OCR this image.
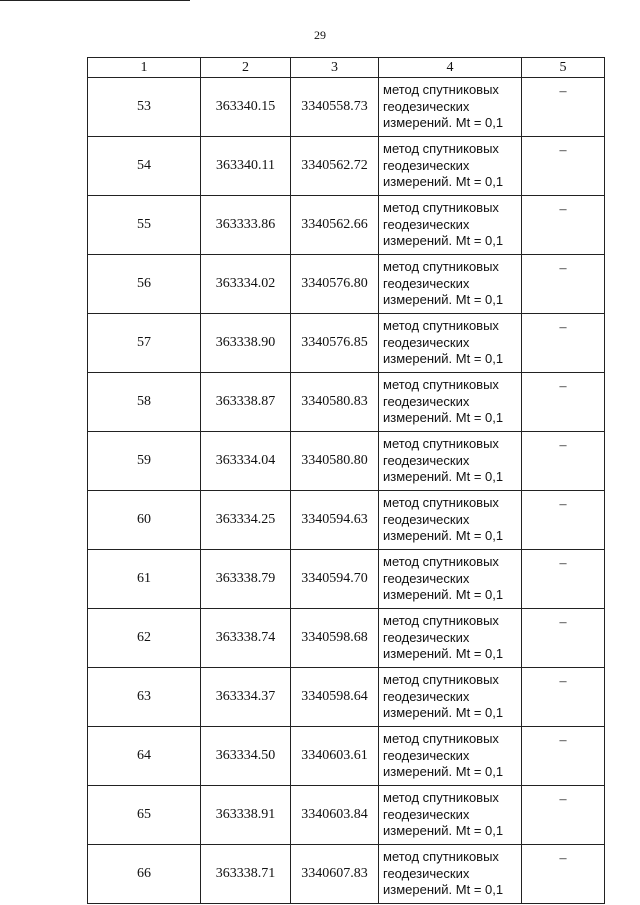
29
1	2	3	4	5
53	363340.15	3340558.73	метод спутниковых
геодезических
измерений. Mt = 0,1	–
54	363340.11	3340562.72	метод спутниковых
геодезических
измерений. Mt = 0,1	–
55	363333.86	3340562.66	метод спутниковых
геодезических
измерений. Mt = 0,1	–
56	363334.02	3340576.80	метод спутниковых
геодезических
измерений. Mt = 0,1	–
57	363338.90	3340576.85	метод спутниковых
геодезических
измерений. Mt = 0,1	–
58	363338.87	3340580.83	метод спутниковых
геодезических
измерений. Mt = 0,1	–
59	363334.04	3340580.80	метод спутниковых
геодезических
измерений. Mt = 0,1	–
60	363334.25	3340594.63	метод спутниковых
геодезических
измерений. Mt = 0,1	–
61	363338.79	3340594.70	метод спутниковых
геодезических
измерений. Mt = 0,1	–
62	363338.74	3340598.68	метод спутниковых
геодезических
измерений. Mt = 0,1	–
63	363334.37	3340598.64	метод спутниковых
геодезических
измерений. Mt = 0,1	–
64	363334.50	3340603.61	метод спутниковых
геодезических
измерений. Mt = 0,1	–
65	363338.91	3340603.84	метод спутниковых
геодезических
измерений. Mt = 0,1	–
66	363338.71	3340607.83	метод спутниковых
геодезических
измерений. Mt = 0,1	–
